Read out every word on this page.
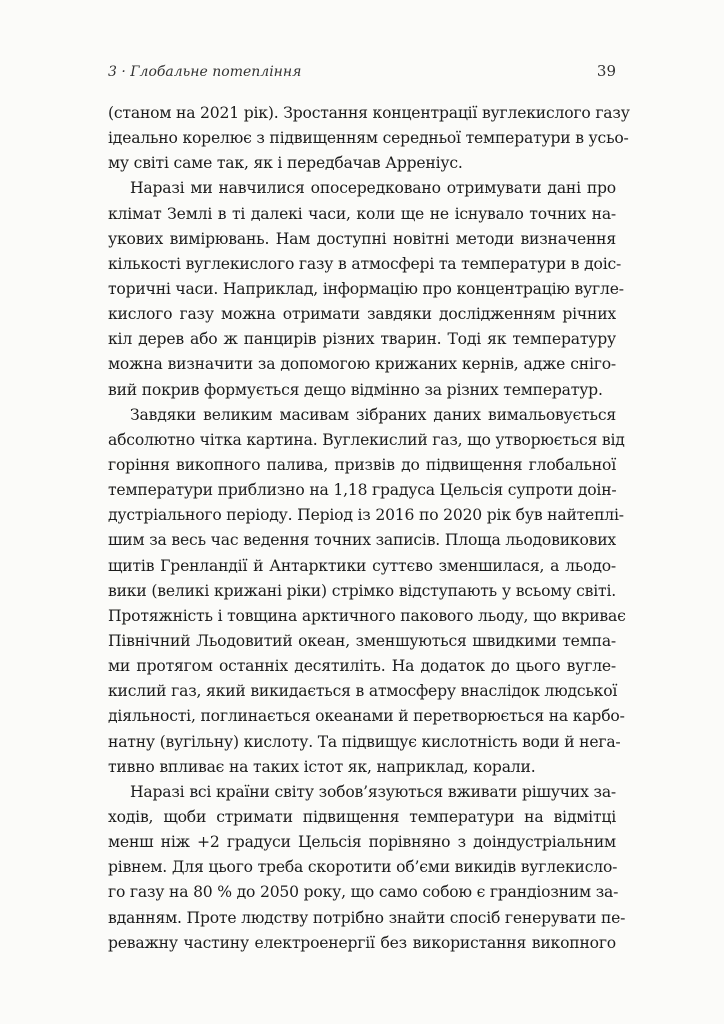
3 · Глобальне потепління	39
(станом на 2021 рік). Зростання концентрації вуглекислого газу
ідеально корелює з підвищенням середньої температури в усьо-
му світі саме так, як і передбачав Арреніус.
Наразі ми навчилися опосередковано отримувати дані про
клімат Землі в ті далекі часи, коли ще не існувало точних на-
укових вимірювань. Нам доступні новітні методи визначення
кількості вуглекислого газу в атмосфері та температури в доіс-
торичні часи. Наприклад, інформацію про концентрацію вугле-
кислого газу можна отримати завдяки дослідженням річних
кіл дерев або ж панцирів різних тварин. Тоді як температуру
можна визначити за допомогою крижаних кернів, адже сніго-
вий покрив формується дещо відмінно за різних температур.
Завдяки великим масивам зібраних даних вимальовується
абсолютно чітка картина. Вуглекислий газ, що утворюється від
горіння викопного палива, призвів до підвищення глобальної
температури приблизно на 1,18 градуса Цельсія супроти доін-
дустріального періоду. Період із 2016 по 2020 рік був найтеплі-
шим за весь час ведення точних записів. Площа льодовикових
щитів Гренландії й Антарктики суттєво зменшилася, а льодо-
вики (великі крижані ріки) стрімко відступають у всьому світі.
Протяжність і товщина арктичного пакового льоду, що вкриває
Північний Льодовитий океан, зменшуються швидкими темпа-
ми протягом останніх десятиліть. На додаток до цього вугле-
кислий газ, який викидається в атмосферу внаслідок людської
діяльності, поглинається океанами й перетворюється на карбо-
натну (вугільну) кислоту. Та підвищує кислотність води й нега-
тивно впливає на таких істот як, наприклад, корали.
Наразі всі країни світу зобов’язуються вживати рішучих за-
ходів, щоби стримати підвищення температури на відмітці
менш ніж +2 градуси Цельсія порівняно з доіндустріальним
рівнем. Для цього треба скоротити об’єми викидів вуглекисло-
го газу на 80 % до 2050 року, що само собою є грандіозним за-
вданням. Проте людству потрібно знайти спосіб генерувати пе-
реважну частину електроенергії без використання викопного
